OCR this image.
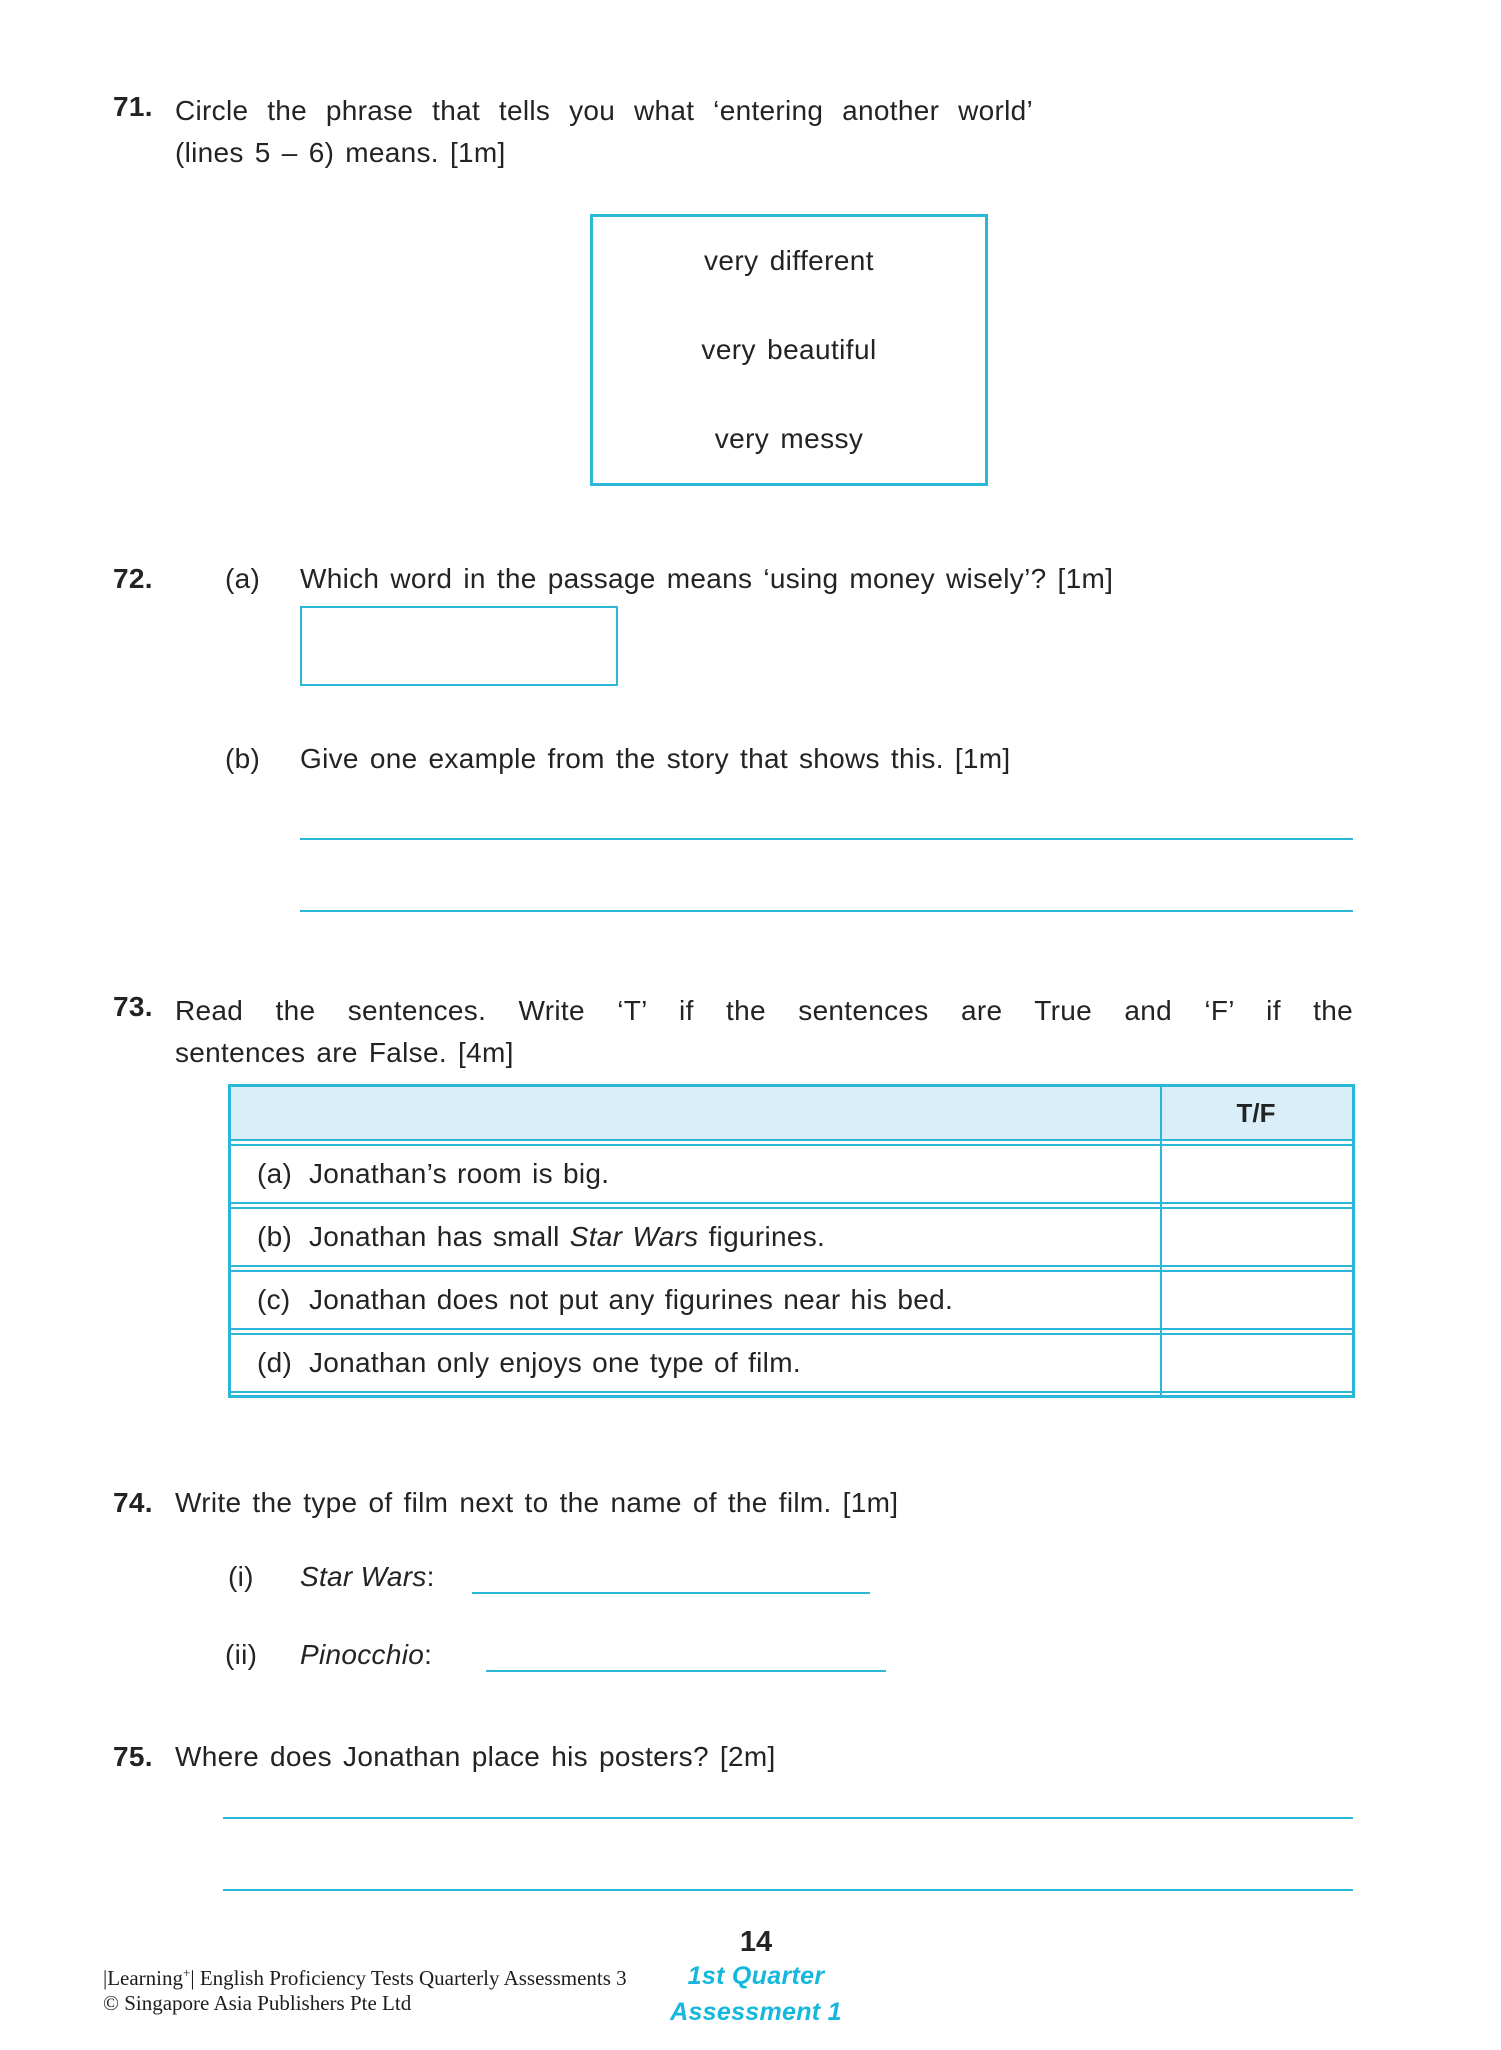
71. Circle the phrase that tells you what ‘entering another world’
(lines 5 – 6) means. [1m]
very different
very beautiful
very messy
72.	(a) Which word in the passage means ‘using money wisely’? [1m]
(b) Give one example from the story that shows this. [1m]
73. Read the sentences. Write ‘T’ if the sentences are True and ‘F’ if the
sentences are False. [4m]
T/F
(a) Jonathan’s room is big.
(b) Jonathan has small Star Wars figurines.
(c) Jonathan does not put any figurines near his bed.
(d) Jonathan only enjoys one type of film.
74. Write the type of film next to the name of the film. [1m]
(i) Star Wars:
(ii) Pinocchio:
75. Where does Jonathan place his posters? [2m]
14
1st Quarter
Assessment 1
|Learning+| English Proficiency Tests Quarterly Assessments 3
© Singapore Asia Publishers Pte Ltd
